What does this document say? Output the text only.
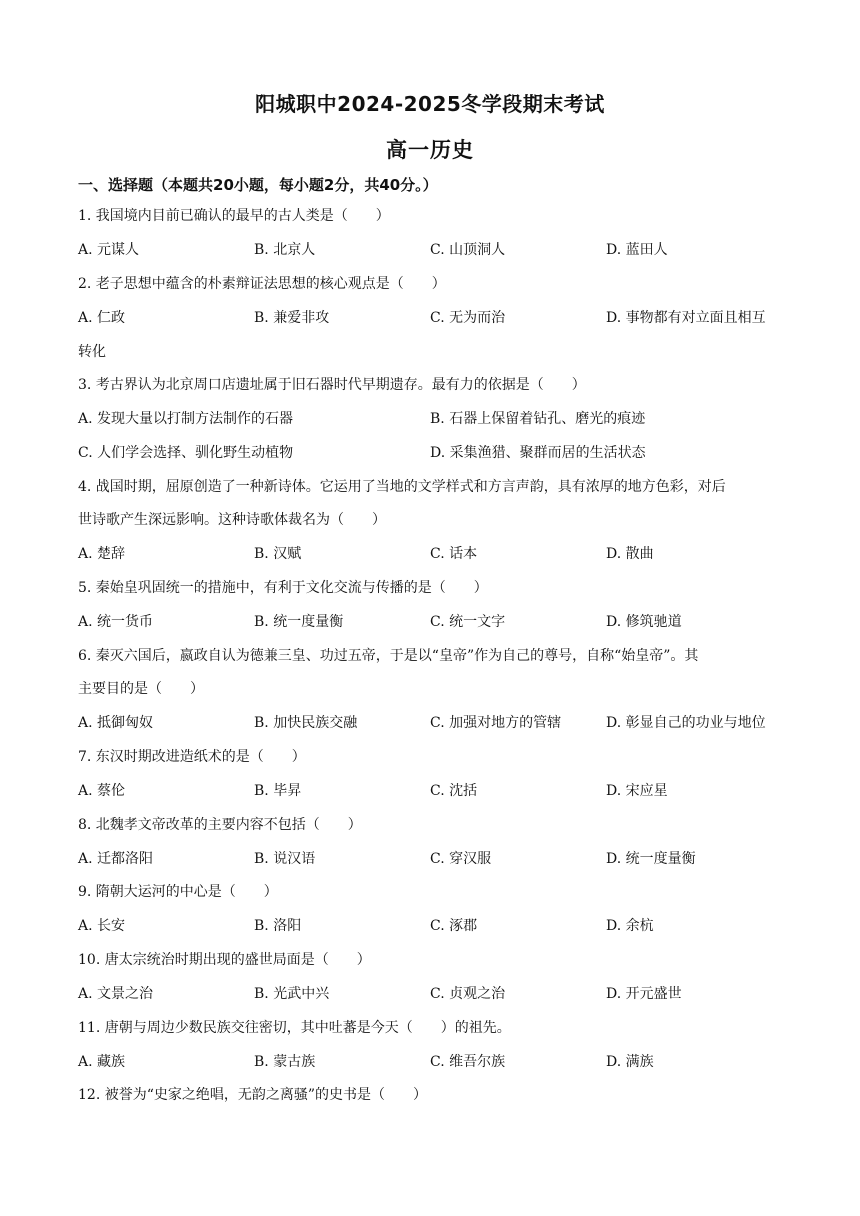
阳城职中2024-2025冬学段期末考试
高一历史
一、选择题（本题共20小题，每小题2分，共40分。）
1. 我国境内目前已确认的最早的古人类是（　　）
A. 元谋人	B. 北京人	C. 山顶洞人	D. 蓝田人
2. 老子思想中蕴含的朴素辩证法思想的核心观点是（　　）
A. 仁政	B. 兼爱非攻	C. 无为而治	D. 事物都有对立面且相互
转化
3. 考古界认为北京周口店遗址属于旧石器时代早期遗存。最有力的依据是（　　）
A. 发现大量以打制方法制作的石器	B. 石器上保留着钻孔、磨光的痕迹
C. 人们学会选择、驯化野生动植物	D. 采集渔猎、聚群而居的生活状态
4. 战国时期，屈原创造了一种新诗体。它运用了当地的文学样式和方言声韵，具有浓厚的地方色彩，对后
世诗歌产生深远影响。这种诗歌体裁名为（　　）
A. 楚辞	B. 汉赋	C. 话本	D. 散曲
5. 秦始皇巩固统一的措施中，有利于文化交流与传播的是（　　）
A. 统一货币	B. 统一度量衡	C. 统一文字	D. 修筑驰道
6. 秦灭六国后，嬴政自认为德兼三皇、功过五帝，于是以“皇帝”作为自己的尊号，自称“始皇帝”。其
主要目的是（　　）
A. 抵御匈奴	B. 加快民族交融	C. 加强对地方的管辖	D. 彰显自己的功业与地位
7. 东汉时期改进造纸术的是（　　）
A. 蔡伦	B. 毕昇	C. 沈括	D. 宋应星
8. 北魏孝文帝改革的主要内容不包括（　　）
A. 迁都洛阳	B. 说汉语	C. 穿汉服	D. 统一度量衡
9. 隋朝大运河的中心是（　　）
A. 长安	B. 洛阳	C. 涿郡	D. 余杭
10. 唐太宗统治时期出现的盛世局面是（　　）
A. 文景之治	B. 光武中兴	C. 贞观之治	D. 开元盛世
11. 唐朝与周边少数民族交往密切，其中吐蕃是今天（　　）的祖先。
A. 藏族	B. 蒙古族	C. 维吾尔族	D. 满族
12. 被誉为“史家之绝唱，无韵之离骚”的史书是（　　）
